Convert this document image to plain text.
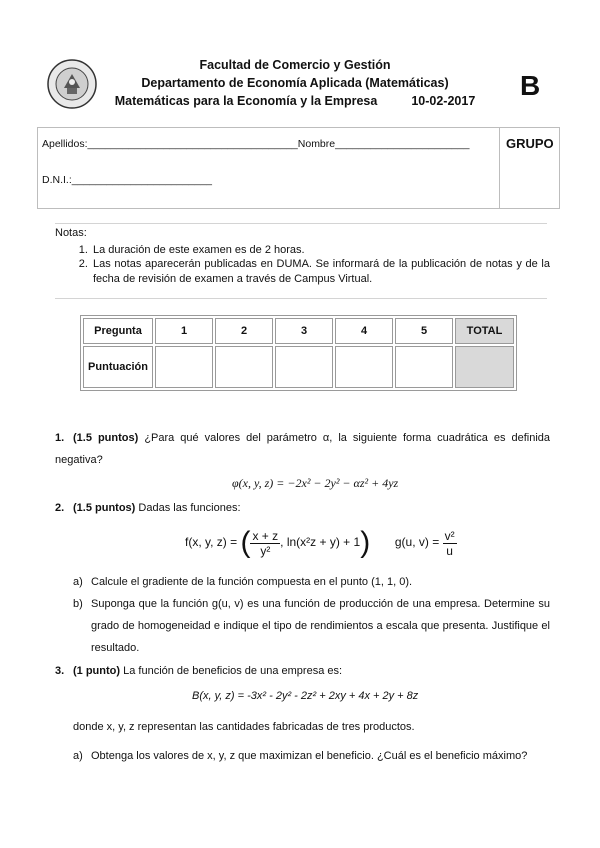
Facultad de Comercio y Gestión
Departamento de Economía Aplicada (Matemáticas)
Matemáticas para la Economía y la Empresa	10-02-2017 B
Apellidos:____________________________________Nombre_______________________
D.N.I.:________________________
GRUPO
Notas:
1. La duración de este examen es de 2 horas.
2. Las notas aparecerán publicadas en DUMA. Se informará de la publicación de notas y de la fecha de revisión de examen a través de Campus Virtual.
Pregunta	1	2	3	4	5	TOTAL
Puntuación						
1. (1.5 puntos) ¿Para qué valores del parámetro α, la siguiente forma cuadrática es definida negativa?
φ(x, y, z) = −2x² − 2y² − αz² + 4yz
2. (1.5 puntos) Dadas las funciones:
f(x, y, z) = ( $\frac{x + z}{\text{y²}}$ , ln(x²z + y) + 1) g(u, $v) = \frac{\text{v²}}{u}$
a) Calcule el gradiente de la función compuesta en el punto (1, 1, 0).
b) Suponga que la función g(u, v) es una función de producción de una empresa. Determine su grado de homogeneidad e indique el tipo de rendimientos a escala que presenta. Justifique el resultado.
3. (1 punto) La función de beneficios de una empresa es:
B(x, y, z) = -3x² - 2y² - 2z² + 2xy + 4x + 2y + 8z
donde x, y, z representan las cantidades fabricadas de tres productos.
a) Obtenga los valores de x, y, z que maximizan el beneficio. ¿Cuál es el beneficio máximo?
